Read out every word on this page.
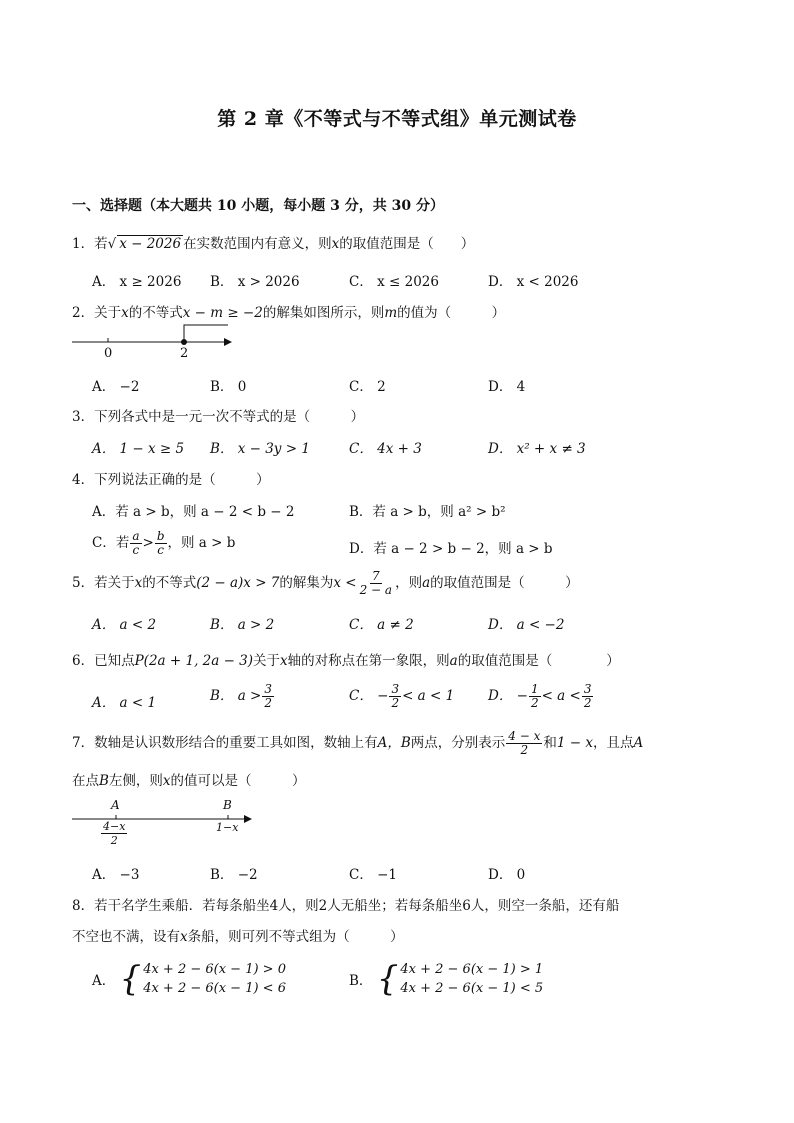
第 2 章《不等式与不等式组》单元测试卷
一、选择题（本大题共 10 小题，每小题 3 分，共 30 分）
1．若√ x − 2026 在实数范围内有意义，则x的取值范围是（　　）
A． x ≥ 2026 B． x > 2026	C． x ≤ 2026	D． x < 2026
2．关于x的不等式x − m ≥ −2的解集如图所示，则m的值为（　　　）
0	2
A． −2	B． 0	C． 2	D． 4
3．下列各式中是一元一次不等式的是（　　　）
A． 1 − x ≥ 5 B． x − 3y > 1	C． 4x + 3	D． x² + x ≠ 3
4．下列说法正确的是（　　　）
A．若 a > b，则 a − 2 < b − 2	B．若 a > b，则 a² > b²
C．若 $\frac{a}{c} > \frac{b}{c}$ ，则 a > b	D．若 a − 2 > b − 2，则 a > b
5．若关于x的不等式(2 − a)x > 7的解集为$x < \frac{7}{2 - a}$ ，则a的取值范围是（　　　）
A． a < 2	B． a > 2	C． a ≠ 2	D． a < −2
6．已知点P(2a + 1, 2a − 3)关于x轴的对称点在第一象限，则a的取值范围是（　　　　）
A． a < 1	B． $a > \frac{3}{2}$	C． − $\frac{3}{2} < a < 1$	D． − $\frac{1}{2} < a < \frac{3}{2}$
7．数轴是认识数形结合的重要工具如图，数轴上有A，B两点，分别表示 $\frac{4 - x}{2}$ 和1 − x，且点A
在点B左侧，则x的值可以是（　　　）
A	B
$\frac{4-x}{2}$	1−x
A． −3	B． −2	C． −1	D． 0
8．若干名学生乘船．若每条船坐4人，则2人无船坐；若每条船坐6人，则空一条船，还有船
不空也不满，设有x条船，则可列不等式组为（　　　）
A． { 4x + 2 − 6(x − 1) > 0
4x + 2 − 6(x − 1) < 6	B． { 4x + 2 − 6(x − 1) > 1
4x + 2 − 6(x − 1) < 5
